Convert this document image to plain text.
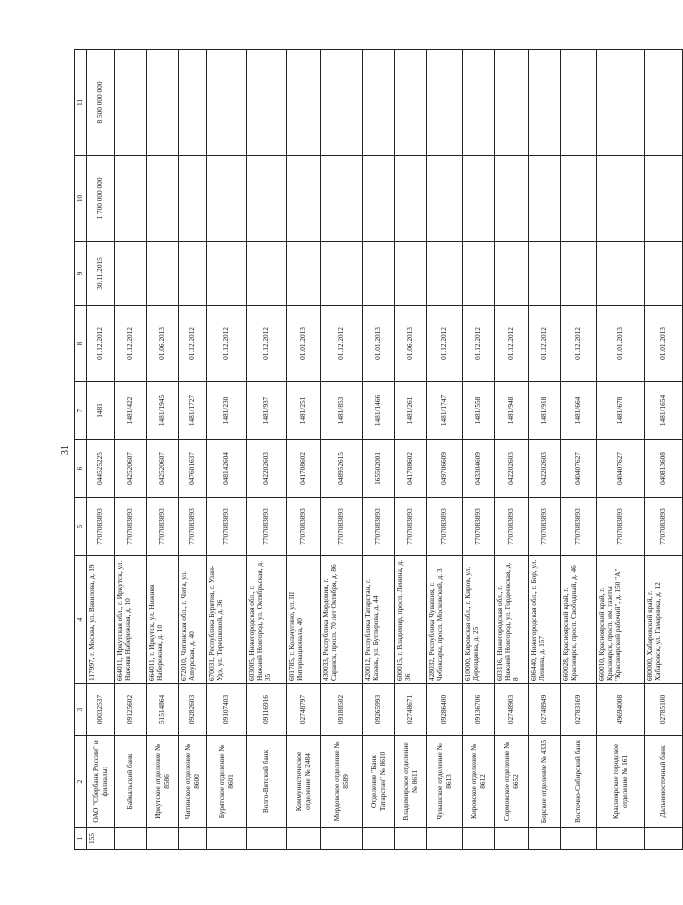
31
1	2	3	4	5	6	7	8	9	10	11
155	ОАО "Сбербанк России" и филиалы:	00032537	117997, г. Москва, ул. Вавилова, д. 19	7707083893	044525225	1481	01.12.2012	30.11.2015	1 700 000 000	8 500 000 000
	Байкальский банк	09125602	664011, Иркутская обл., г. Иркутск, ул. Нижняя Набережная, д. 10	7707083893	042520607	1481/422	01.12.2012			
	Иркутское отделение № 8586	51514864	664011, г. Иркутск, ул. Нижняя Набережная, д. 10	7707083893	042520607	1481/1945	01.06.2013			
	Читинское отделение № 8600	09282603	672010, Читинская обл., г. Чита, ул. Amурская, д. 40	7707083893	047601637	1481/1727	01.12.2012			
	Бурятское отделение № 8601	09107403	670031, Республика Бурятия, г. Улан-Удэ, ул. Терешковой, д. 36	7707083893	048142604	1481/230	01.12.2012			
	Волго-Вятский банк	09116916	603005, Нижегородская обл., г. Нижний Новгород, ул. Октябрьская, д. 35	7707083893	042202603	1481/937	01.12.2012			
	Коммунистическое отделение № 2484	02748797	601785, г. Кольчугино, ул. III Интернационала, 40	7707083893	041708602	1481/251	01.01.2013			
	Мордовское отделение № 8589	09188502	430033, Республика Мордовия, г. Саранск, просп. 70 лет Октября, д. 86	7707083893	048952615	1481/853	01.12.2012			
	Отделение "Банк Татарстан" № 8610	09265993	420012, Республика Татарстан, г. Казань, ул. Бутлерова, д. 44	7707083893	165502001	1481/1466	01.01.2013			
	Владимирское отделение № 8611	02748671	600015, г. Владимир, просп. Ленина, д. 36	7707083893	041708602	1481/261	01.06.2013			
	Чувашское отделение № 8613	09286400	428032, Республика Чувашия, г. Чебоксары, просп. Московский, д. 3	7707083893	049706609	1481/1747	01.12.2012			
	Кировское отделение № 8612	09136706	610000, Кировская обл., г. Киров, ул. Дерендяева, д. 25	7707083893	043304609	1481/558	01.12.2012			
	Сормовское отделение № 6652	02748903	603116, Нижегородская обл., г. Нижний Новгород, ул. Гордеевская, д. 8	7707083893	042202603	1481/948	01.12.2012			
	Борское отделение № 4335	02748949	606440, Нижегородская обл., г. Бор, ул. Ленина, д. 157	7707083893	042202603	1481/918	01.12.2012			
	Восточно-Сибирский банк	02783169	660028, Красноярский край, г. Красноярск, просп. Свободный, д. 46	7707083893	040407627	1481/664	01.12.2012			
	Красноярское городское отделение № 161	49694008	660010, Красноярский край, г. Красноярск, просп. им. газеты "Красноярский рабочий", д. 150 "А"	7707083893	040407627	1481/678	01.01.2013			
	Дальневосточный банк	02785100	680000, Хабаровский край, г. Хабаровск, ул. Гамарника, д. 12	7707083893	040813608	1481/1654	01.01.2013			
